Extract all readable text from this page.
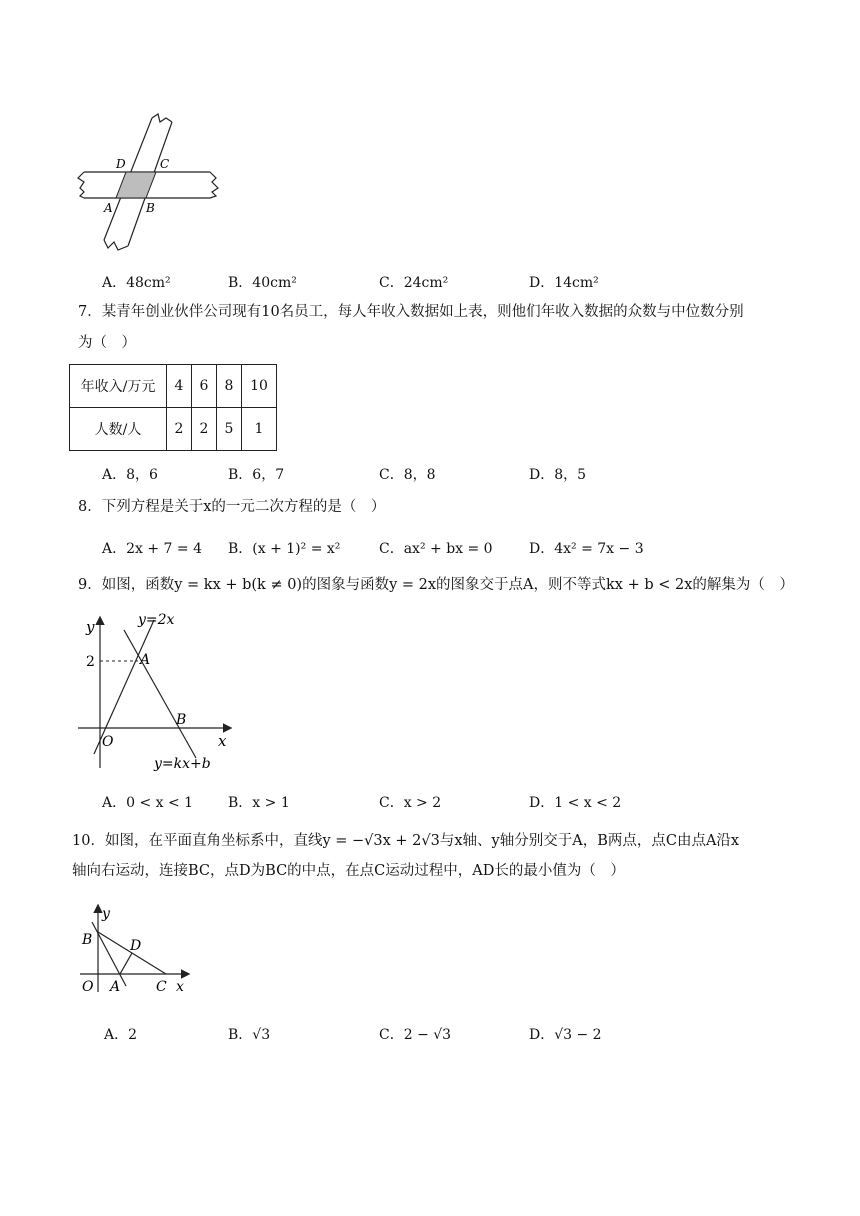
D	C
A	B
A．48cm²	B．40cm²	C．24cm²	D．14cm²
7．某青年创业伙伴公司现有10名员工，每人年收入数据如上表，则他们年收入数据的众数与中位数分别
为（　）
年收入/万元	4	6	8	10
人数/人	2	2	5	1
A．8，6	B．6，7	C．8，8	D．8，5
8．下列方程是关于x的一元二次方程的是（　）
A．2x + 7 = 4 B．(x + 1)² = x²	C．ax² + bx = 0	D．4x² = 7x − 3
9．如图，函数y = kx + b(k ≠ 0)的图象与函数y = 2x的图象交于点A，则不等式kx + b < 2x的解集为（　）
y
x
y=2x
y=kx+b
2	A
B
O
A．0 < x < 1 B．x > 1	C．x > 2	D．1 < x < 2
10．如图，在平面直角坐标系中，直线y = −√3x + 2√3与x轴、y轴分别交于A，B两点，点C由点A沿x
轴向右运动，连接BC，点D为BC的中点，在点C运动过程中，AD长的最小值为（　）
y
x
B	D
O A	C
A．2	B．√3	C．2 − √3	D．√3 − 2
